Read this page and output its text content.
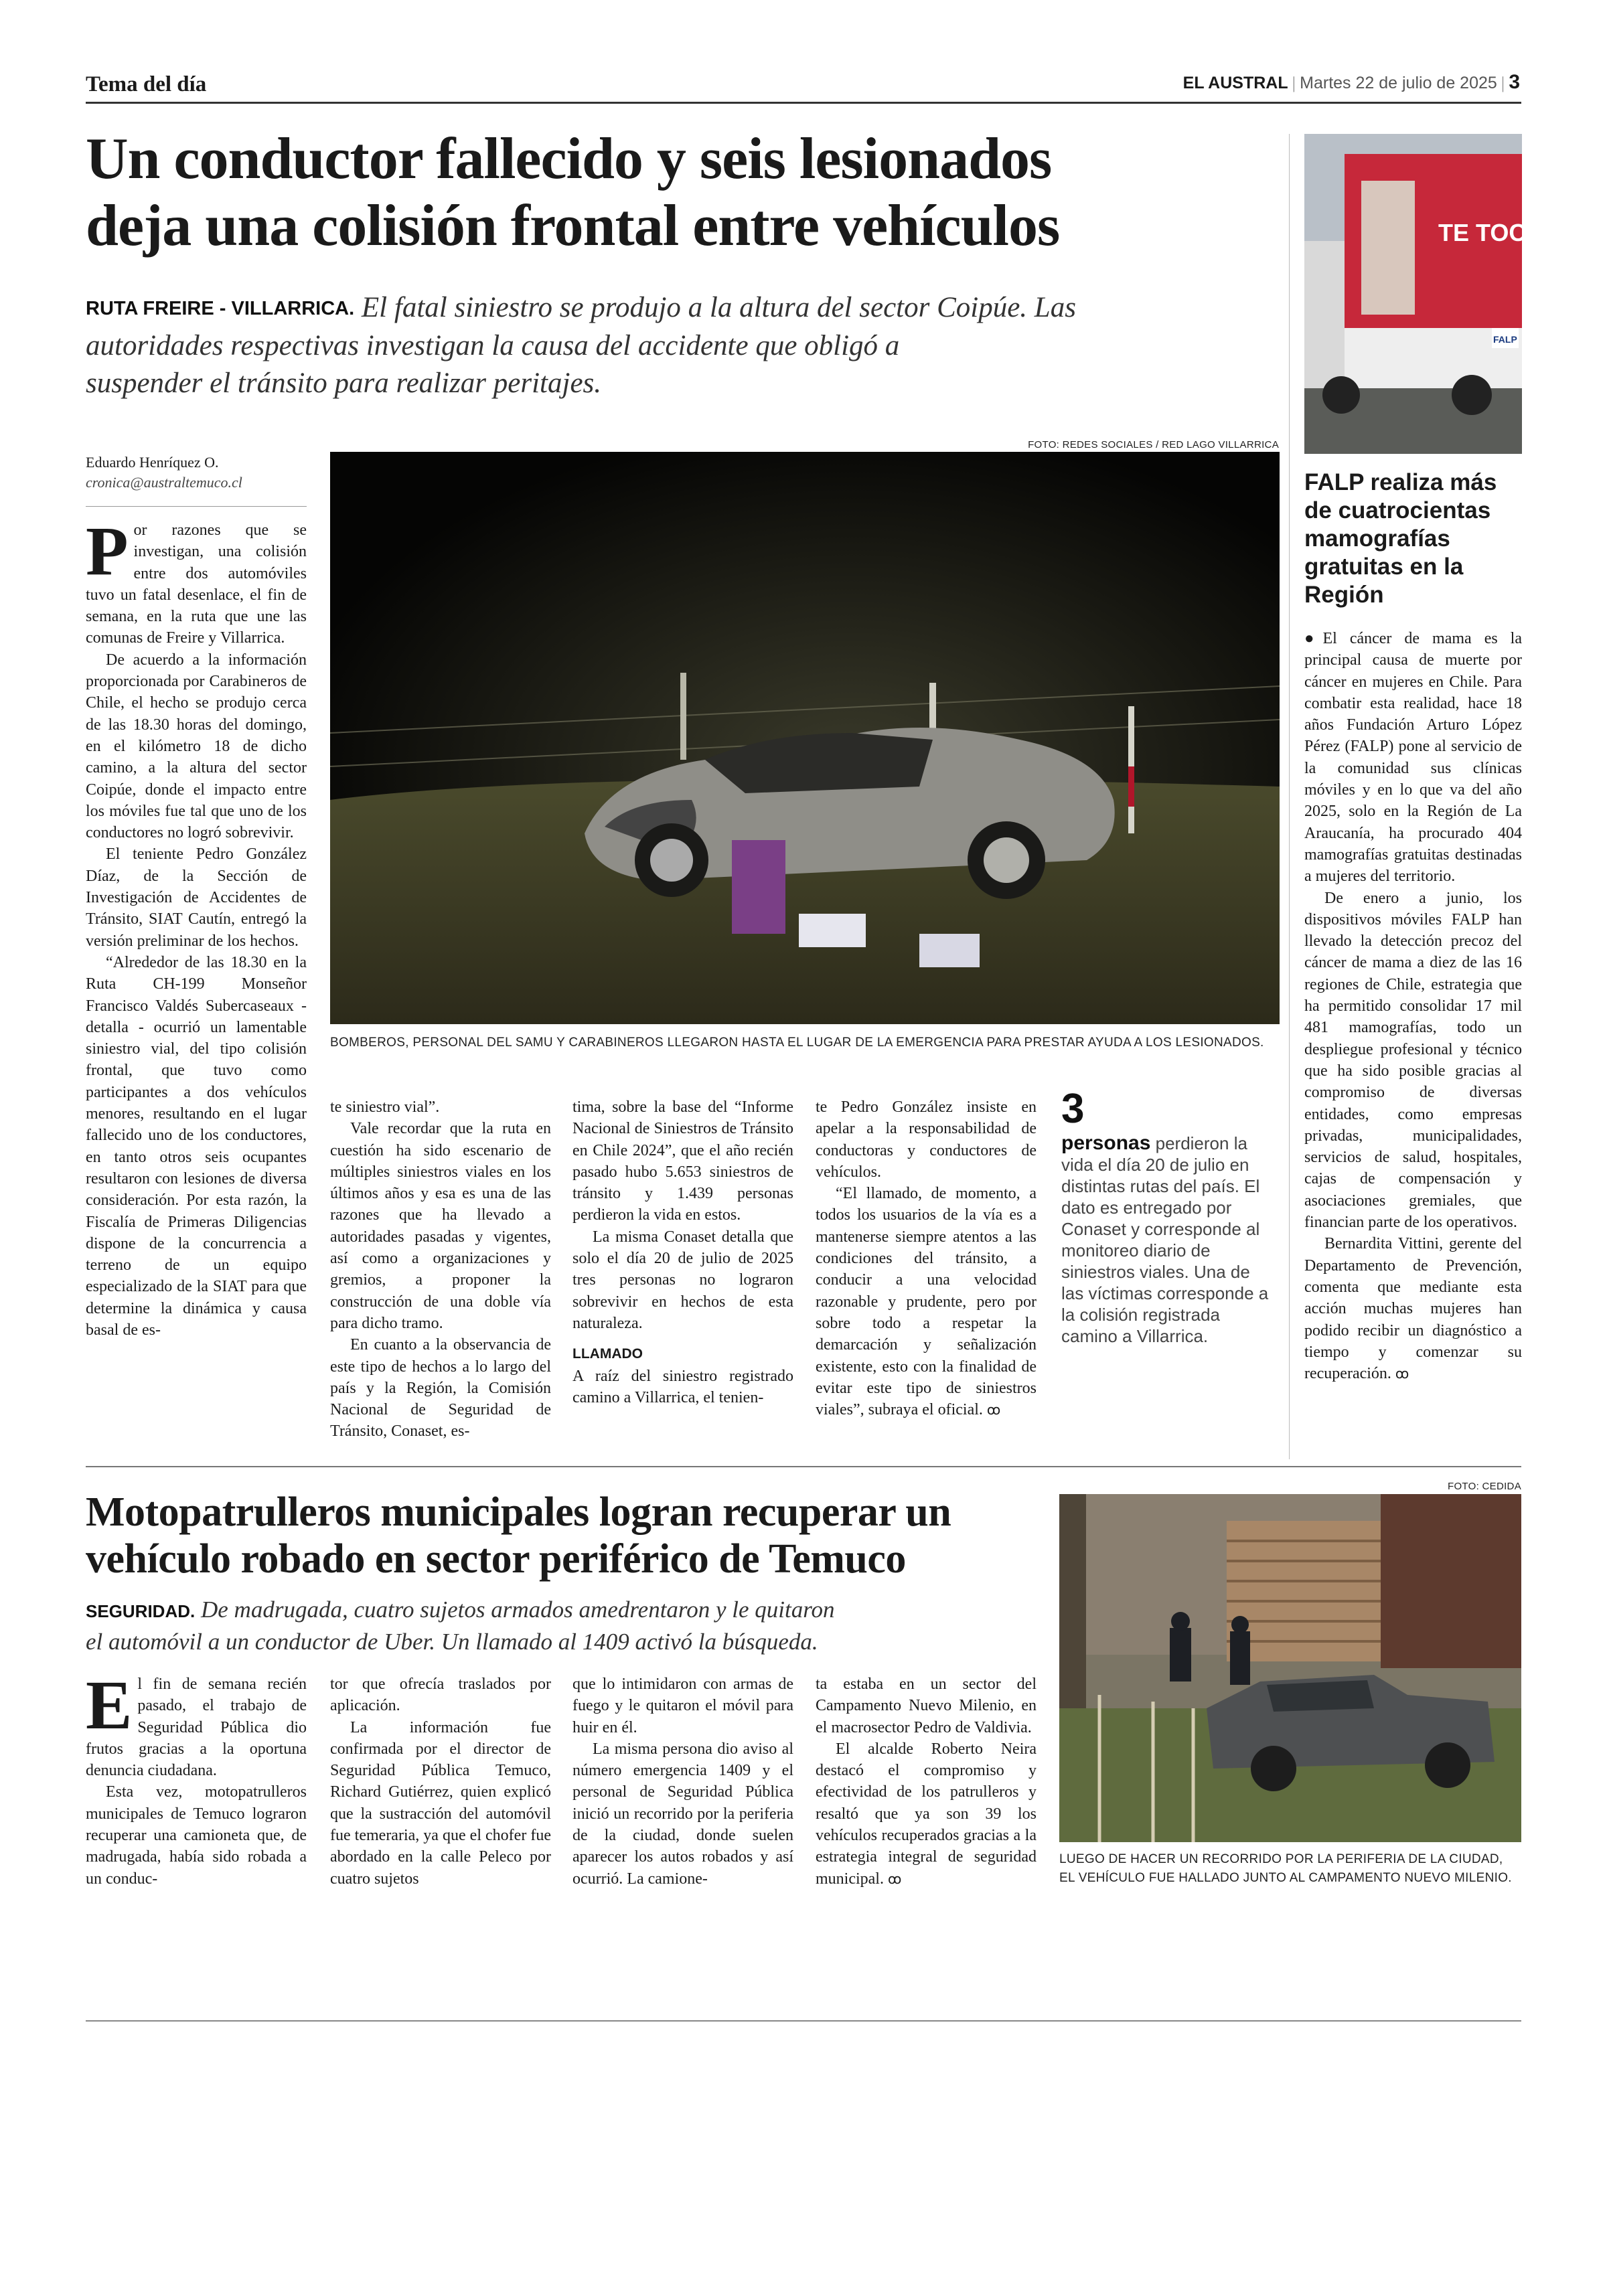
Tema del día	EL AUSTRAL | Martes 22 de julio de 2025 | 3
Un conductor fallecido y seis lesionados
deja una colisión frontal entre vehículos
RUTA FREIRE - VILLARRICA. El fatal siniestro se produjo a la altura del sector Coipúe. Las
autoridades respectivas investigan la causa del accidente que obligó a
suspender el tránsito para realizar peritajes.
Eduardo Henríquez O.
cronica@australtemuco.cl
FOTO: REDES SOCIALES / RED LAGO VILLARRICA
BOMBEROS, PERSONAL DEL SAMU Y CARABINEROS LLEGARON HASTA EL LUGAR DE LA EMERGENCIA PARA PRESTAR AYUDA A LOS LESIONADOS.

Por razones que se investigan, una colisión entre dos automóviles tuvo un fatal desenlace, el fin de semana, en la ruta que une las comunas de Freire y Villarrica.

De acuerdo a la información proporcionada por Carabineros de Chile, el hecho se produjo cerca de las 18.30 horas del domingo, en el kilómetro 18 de dicho camino, a la altura del sector Coipúe, donde el impacto entre los móviles fue tal que uno de los conductores no logró sobrevivir.

El teniente Pedro González Díaz, de la Sección de Investigación de Accidentes de Tránsito, SIAT Cautín, entregó la versión preliminar de los hechos.

“Alrededor de las 18.30 en la Ruta CH-199 Monseñor Francisco Valdés Subercaseaux - detalla - ocurrió un lamentable siniestro vial, del tipo colisión frontal, que tuvo como participantes a dos vehículos menores, resultando en el lugar fallecido uno de los conductores, en tanto otros seis ocupantes resultaron con lesiones de diversa consideración. Por esta razón, la Fiscalía de Primeras Diligencias dispone de la concurrencia a terreno de un equipo especializado de la SIAT para que determine la dinámica y causa basal de es-

te siniestro vial”.

Vale recordar que la ruta en cuestión ha sido escenario de múltiples siniestros viales en los últimos años y esa es una de las razones que ha llevado a autoridades pasadas y vigentes, así como a organizaciones y gremios, a proponer la construcción de una doble vía para dicho tramo.

En cuanto a la observancia de este tipo de hechos a lo largo del país y la Región, la Comisión Nacional de Seguridad de Tránsito, Conaset, es-

tima, sobre la base del “Informe Nacional de Siniestros de Tránsito en Chile 2024”, que el año recién pasado hubo 5.653 siniestros de tránsito y 1.439 personas perdieron la vida en estos.

La misma Conaset detalla que solo el día 20 de julio de 2025 tres personas no lograron sobrevivir en hechos de esta naturaleza.

LLAMADO

A raíz del siniestro registrado camino a Villarrica, el tenien-

te Pedro González insiste en apelar a la responsabilidad de conductoras y conductores de vehículos.

“El llamado, de momento, a todos los usuarios de la vía es a mantenerse siempre atentos a las condiciones del tránsito, a conducir a una velocidad razonable y prudente, pero por sobre todo a respetar la demarcación y señalización existente, esto con la finalidad de evitar este tipo de siniestros viales”, subraya el oficial. ꝏ

3
personas perdieron la vida el día 20 de julio en distintas rutas del país. El dato es entregado por Conaset y corresponde al monitoreo diario de siniestros viales. Una de las víctimas corresponde a la colisión registrada camino a Villarrica.
TE TOCA
FALP
FALP realiza más de cuatrocientas mamografías gratuitas en la Región

●El cáncer de mama es la principal causa de muerte por cáncer en mujeres en Chile. Para combatir esta realidad, hace 18 años Fundación Arturo López Pérez (FALP) pone al servicio de la comunidad sus clínicas móviles y en lo que va del año 2025, solo en la Región de La Araucanía, ha procurado 404 mamografías gratuitas destinadas a mujeres del territorio.

De enero a junio, los dispositivos móviles FALP han llevado la detección precoz del cáncer de mama a diez de las 16 regiones de Chile, estrategia que ha permitido consolidar 17 mil 481 mamografías, todo un despliegue profesional y técnico que ha sido posible gracias al compromiso de diversas entidades, como empresas privadas, municipalidades, servicios de salud, hospitales, cajas de compensación y asociaciones gremiales, que financian parte de los operativos.

Bernardita Vittini, gerente del Departamento de Prevención, comenta que mediante esta acción muchas mujeres han podido recibir un diagnóstico a tiempo y comenzar su recuperación. ꝏ

Motopatrulleros municipales logran recuperar un
vehículo robado en sector periférico de Temuco
SEGURIDAD. De madrugada, cuatro sujetos armados amedrentaron y le quitaron
el automóvil a un conductor de Uber. Un llamado al 1409 activó la búsqueda.

El fin de semana recién pasado, el trabajo de Seguridad Pública dio frutos gracias a la oportuna denuncia ciudadana.

Esta vez, motopatrulleros municipales de Temuco lograron recuperar una camioneta que, de madrugada, había sido robada a un conduc-

tor que ofrecía traslados por aplicación.

La información fue confirmada por el director de Seguridad Pública Temuco, Richard Gutiérrez, quien explicó que la sustracción del automóvil fue temeraria, ya que el chofer fue abordado en la calle Peleco por cuatro sujetos

que lo intimidaron con armas de fuego y le quitaron el móvil para huir en él.

La misma persona dio aviso al número emergencia 1409 y el personal de Seguridad Pública inició un recorrido por la periferia de la ciudad, donde suelen aparecer los autos robados y así ocurrió. La camione-

ta estaba en un sector del Campamento Nuevo Milenio, en el macrosector Pedro de Valdivia.

El alcalde Roberto Neira destacó el compromiso y efectividad de los patrulleros y resaltó que ya son 39 los vehículos recuperados gracias a la estrategia integral de seguridad municipal. ꝏ

FOTO: CEDIDA
LUEGO DE HACER UN RECORRIDO POR LA PERIFERIA DE LA CIUDAD, EL VEHÍCULO FUE HALLADO JUNTO AL CAMPAMENTO NUEVO MILENIO.
